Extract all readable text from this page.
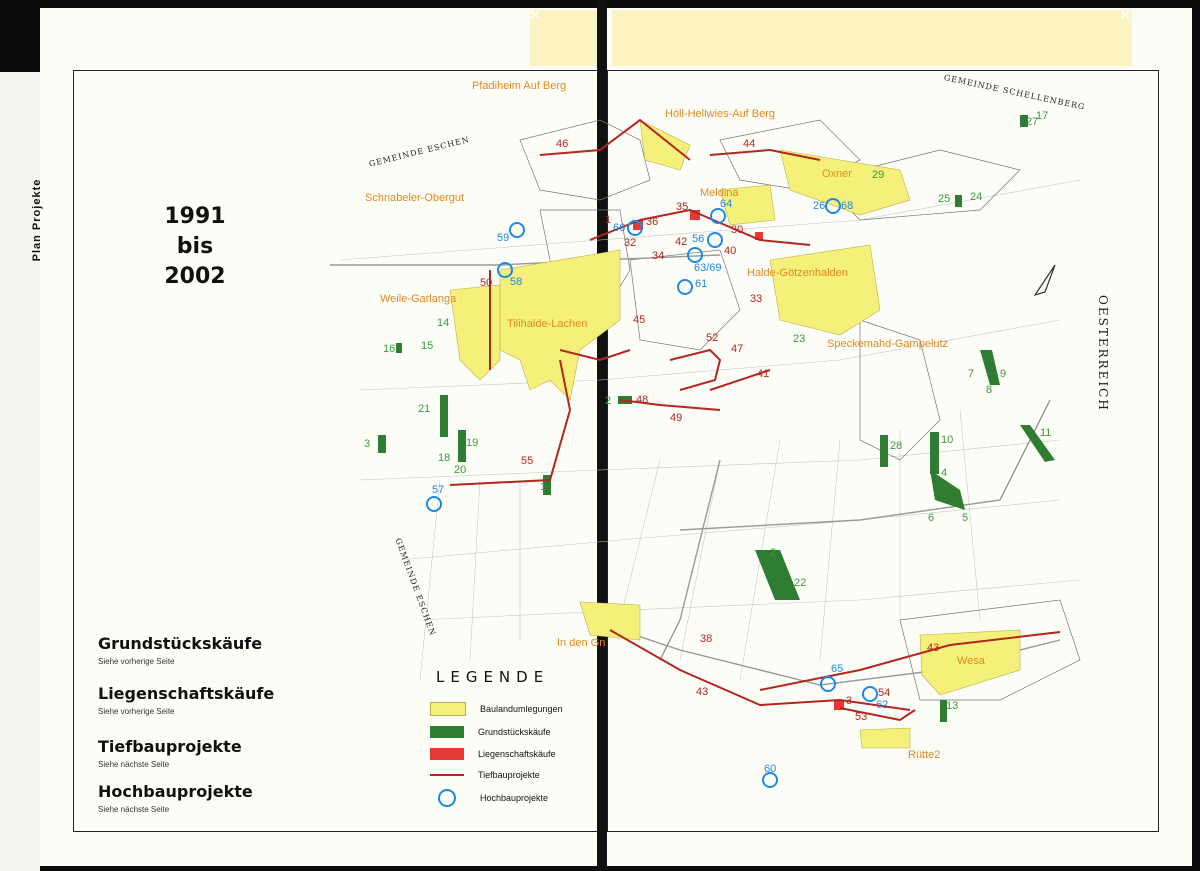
✕	✕
Plan Projekte	1991
bis
2002
Grundstückskäufe
Siehe vorherige Seite
Liegenschaftskäufe
Siehe vorherige Seite
Tiefbauprojekte
Siehe nächste Seite
Hochbauprojekte
Siehe nächste Seite
GEMEINDE ESCHEN
GEMEINDE SCHELLENBERG
GEMEINDE ESCHEN
OESTERREICH
Pfadiheim Auf Berg
Höll-Hellwies-Auf Berg
Schnabeler-Obergut	Meldina
Oxner
Halde-Götzenhalden
Weile-Garlanga
Tilihalde-Lachen
Speckemahd-Gampelutz
In den Gn
Wesa
Rütte2
27
17
25 24
16 15
14
21
3
18
19
20
1
2
7
8
9
28	10
4
6	5
11
2
22
13
23
29
46	44
35
30
1
32
36
34
42
40
33
50
45
52
47
41
48
49
55
38
43
43
3
53
54
59
58
66
56
63/69
61
64	26 68
57
65
62
60
LEGENDE
Baulandumlegungen
Grundstückskäufe
Liegenschaftskäufe
Tiefbauprojekte
Hochbauprojekte
